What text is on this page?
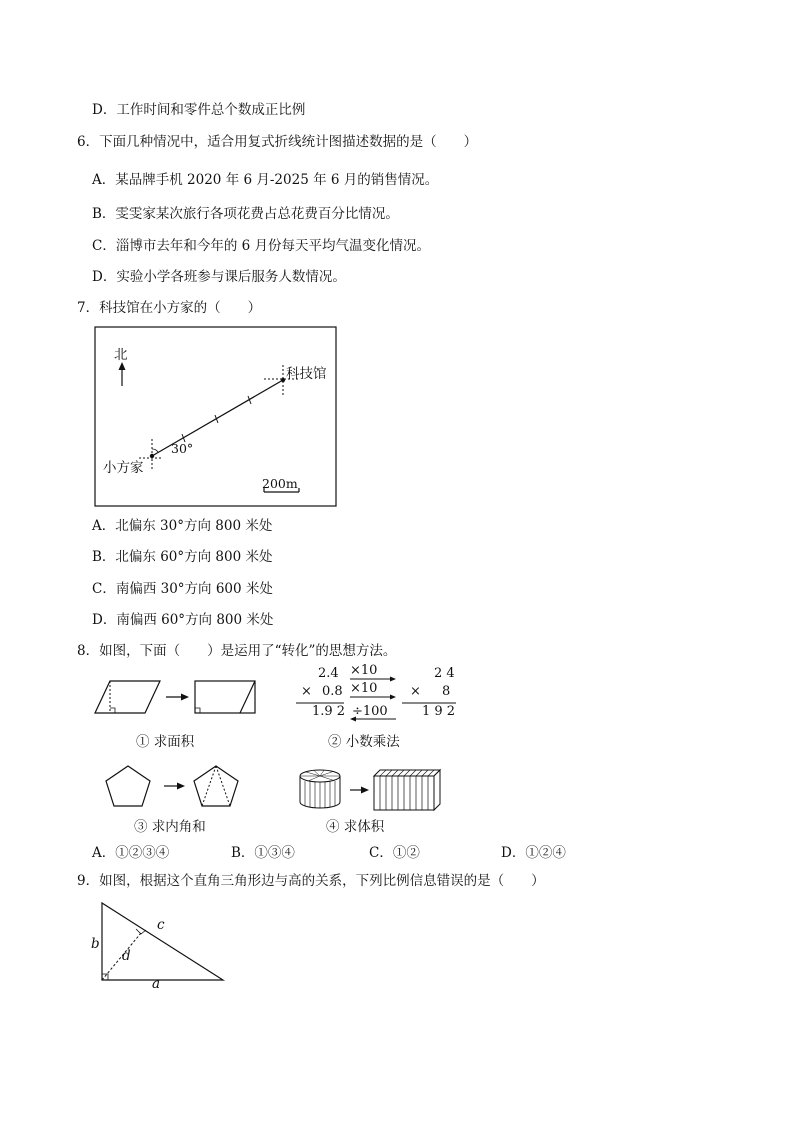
D．工作时间和零件总个数成正比例
6．下面几种情况中，适合用复式折线统计图描述数据的是（　　）
A．某品牌手机 2020 年 6 月-2025 年 6 月的销售情况。
B．雯雯家某次旅行各项花费占总花费百分比情况。
C．淄博市去年和今年的 6 月份每天平均气温变化情况。
D．实验小学各班参与课后服务人数情况。
7．科技馆在小方家的（　　）
北
科技馆
小方家
30°
200m
A．北偏东 30°方向 800 米处
B．北偏东 60°方向 800 米处
C．南偏西 30°方向 600 米处
D．南偏西 60°方向 800 米处
8．如图，下面（　　）是运用了“转化”的思想方法。
① 求面积
2.4
× 0.8
1.9 2
×10
×10
÷100
2 4
× 8
1 9 2
② 小数乘法
③ 求内角和	④ 求体积
A．①②③④	B．①③④	C．①②	D．①②④
9．如图，根据这个直角三角形边与高的关系，下列比例信息错误的是（　　）
b
c
d
a
